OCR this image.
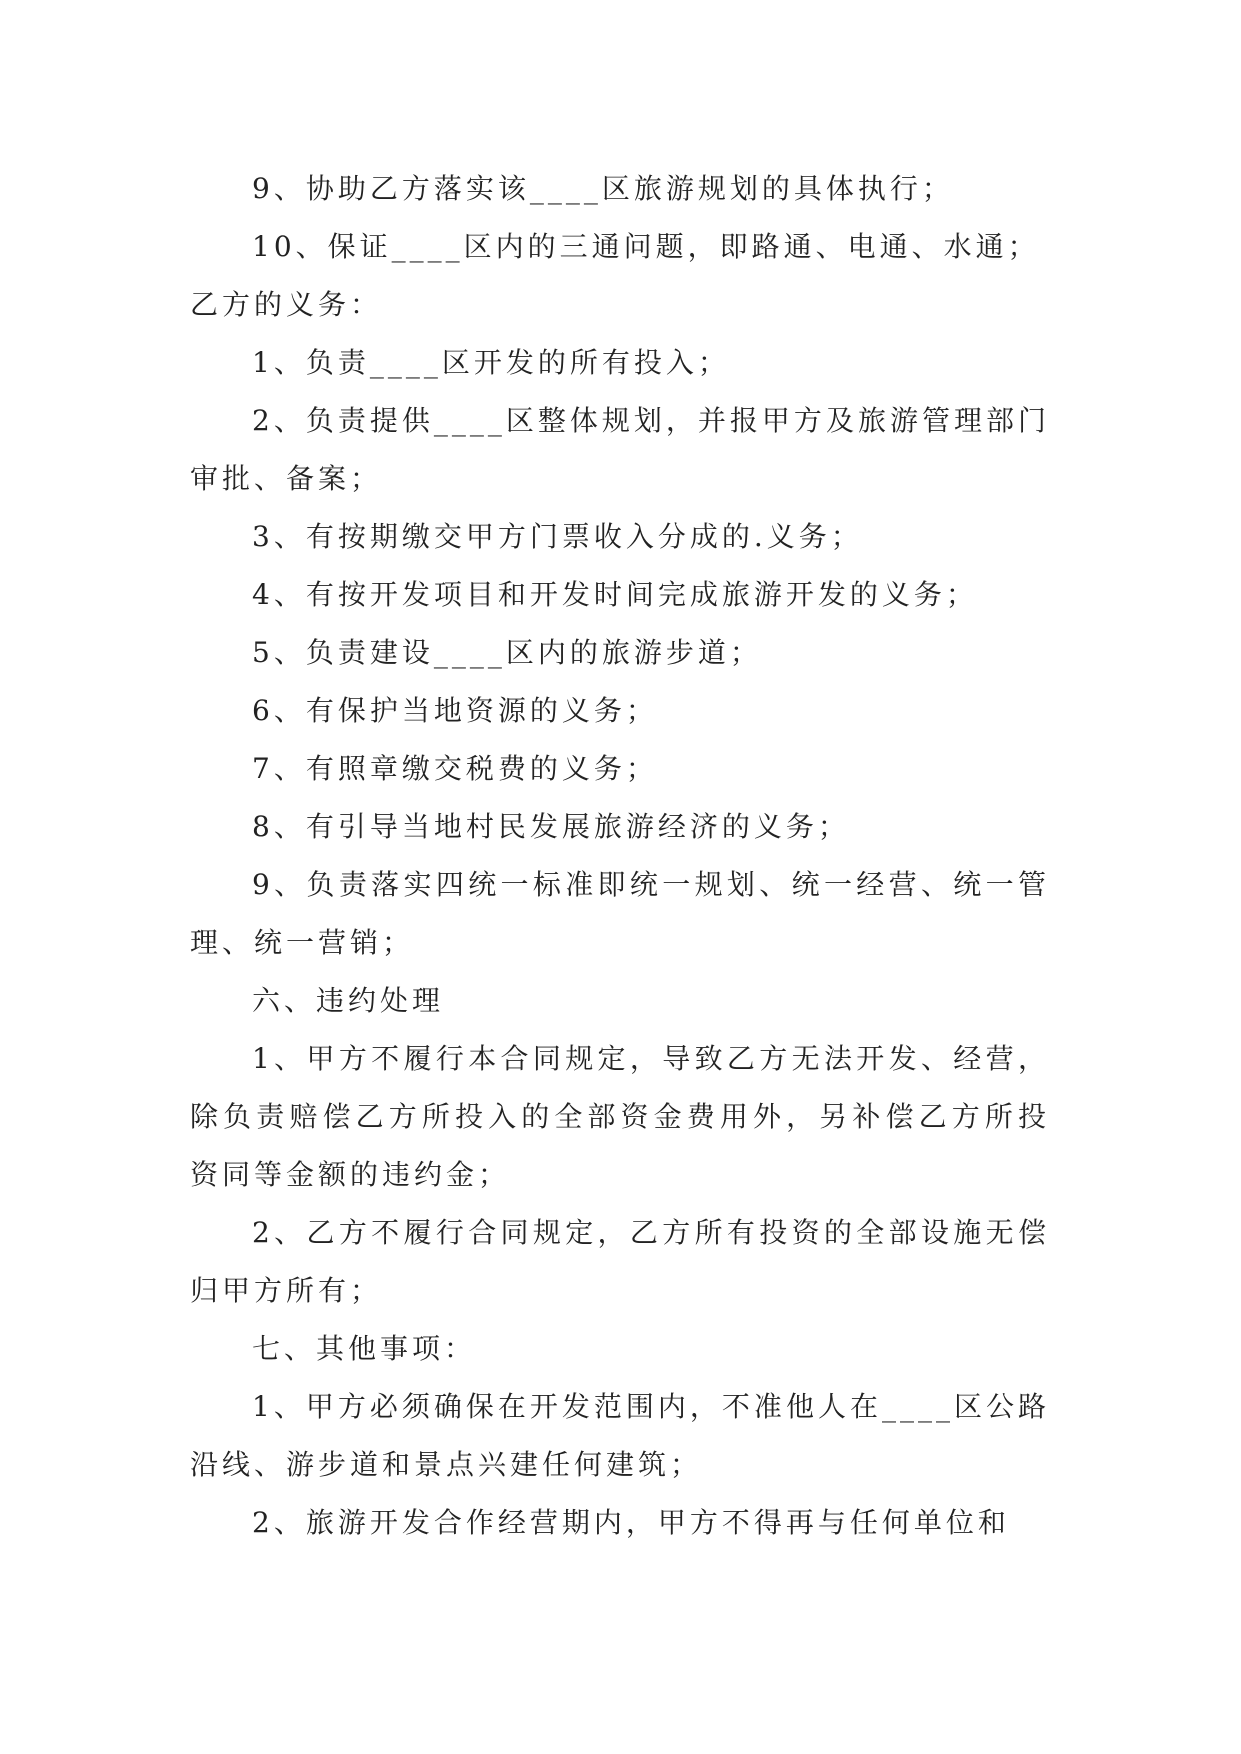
9、协助乙方落实该____区旅游规划的具体执行；

10、保证____区内的三通问题，即路通、电通、水通；

乙方的义务：

1、负责____区开发的所有投入；

2、负责提供____区整体规划，并报甲方及旅游管理部门审批、备案；

3、有按期缴交甲方门票收入分成的.义务；

4、有按开发项目和开发时间完成旅游开发的义务；

5、负责建设____区内的旅游步道；

6、有保护当地资源的义务；

7、有照章缴交税费的义务；

8、有引导当地村民发展旅游经济的义务；

9、负责落实四统一标准即统一规划、统一经营、统一管理、统一营销；

六、违约处理

1、甲方不履行本合同规定，导致乙方无法开发、经营，除负责赔偿乙方所投入的全部资金费用外，另补偿乙方所投资同等金额的违约金；

2、乙方不履行合同规定，乙方所有投资的全部设施无偿归甲方所有；

七、其他事项：

1、甲方必须确保在开发范围内，不准他人在____区公路沿线、游步道和景点兴建任何建筑；

2、旅游开发合作经营期内，甲方不得再与任何单位和
